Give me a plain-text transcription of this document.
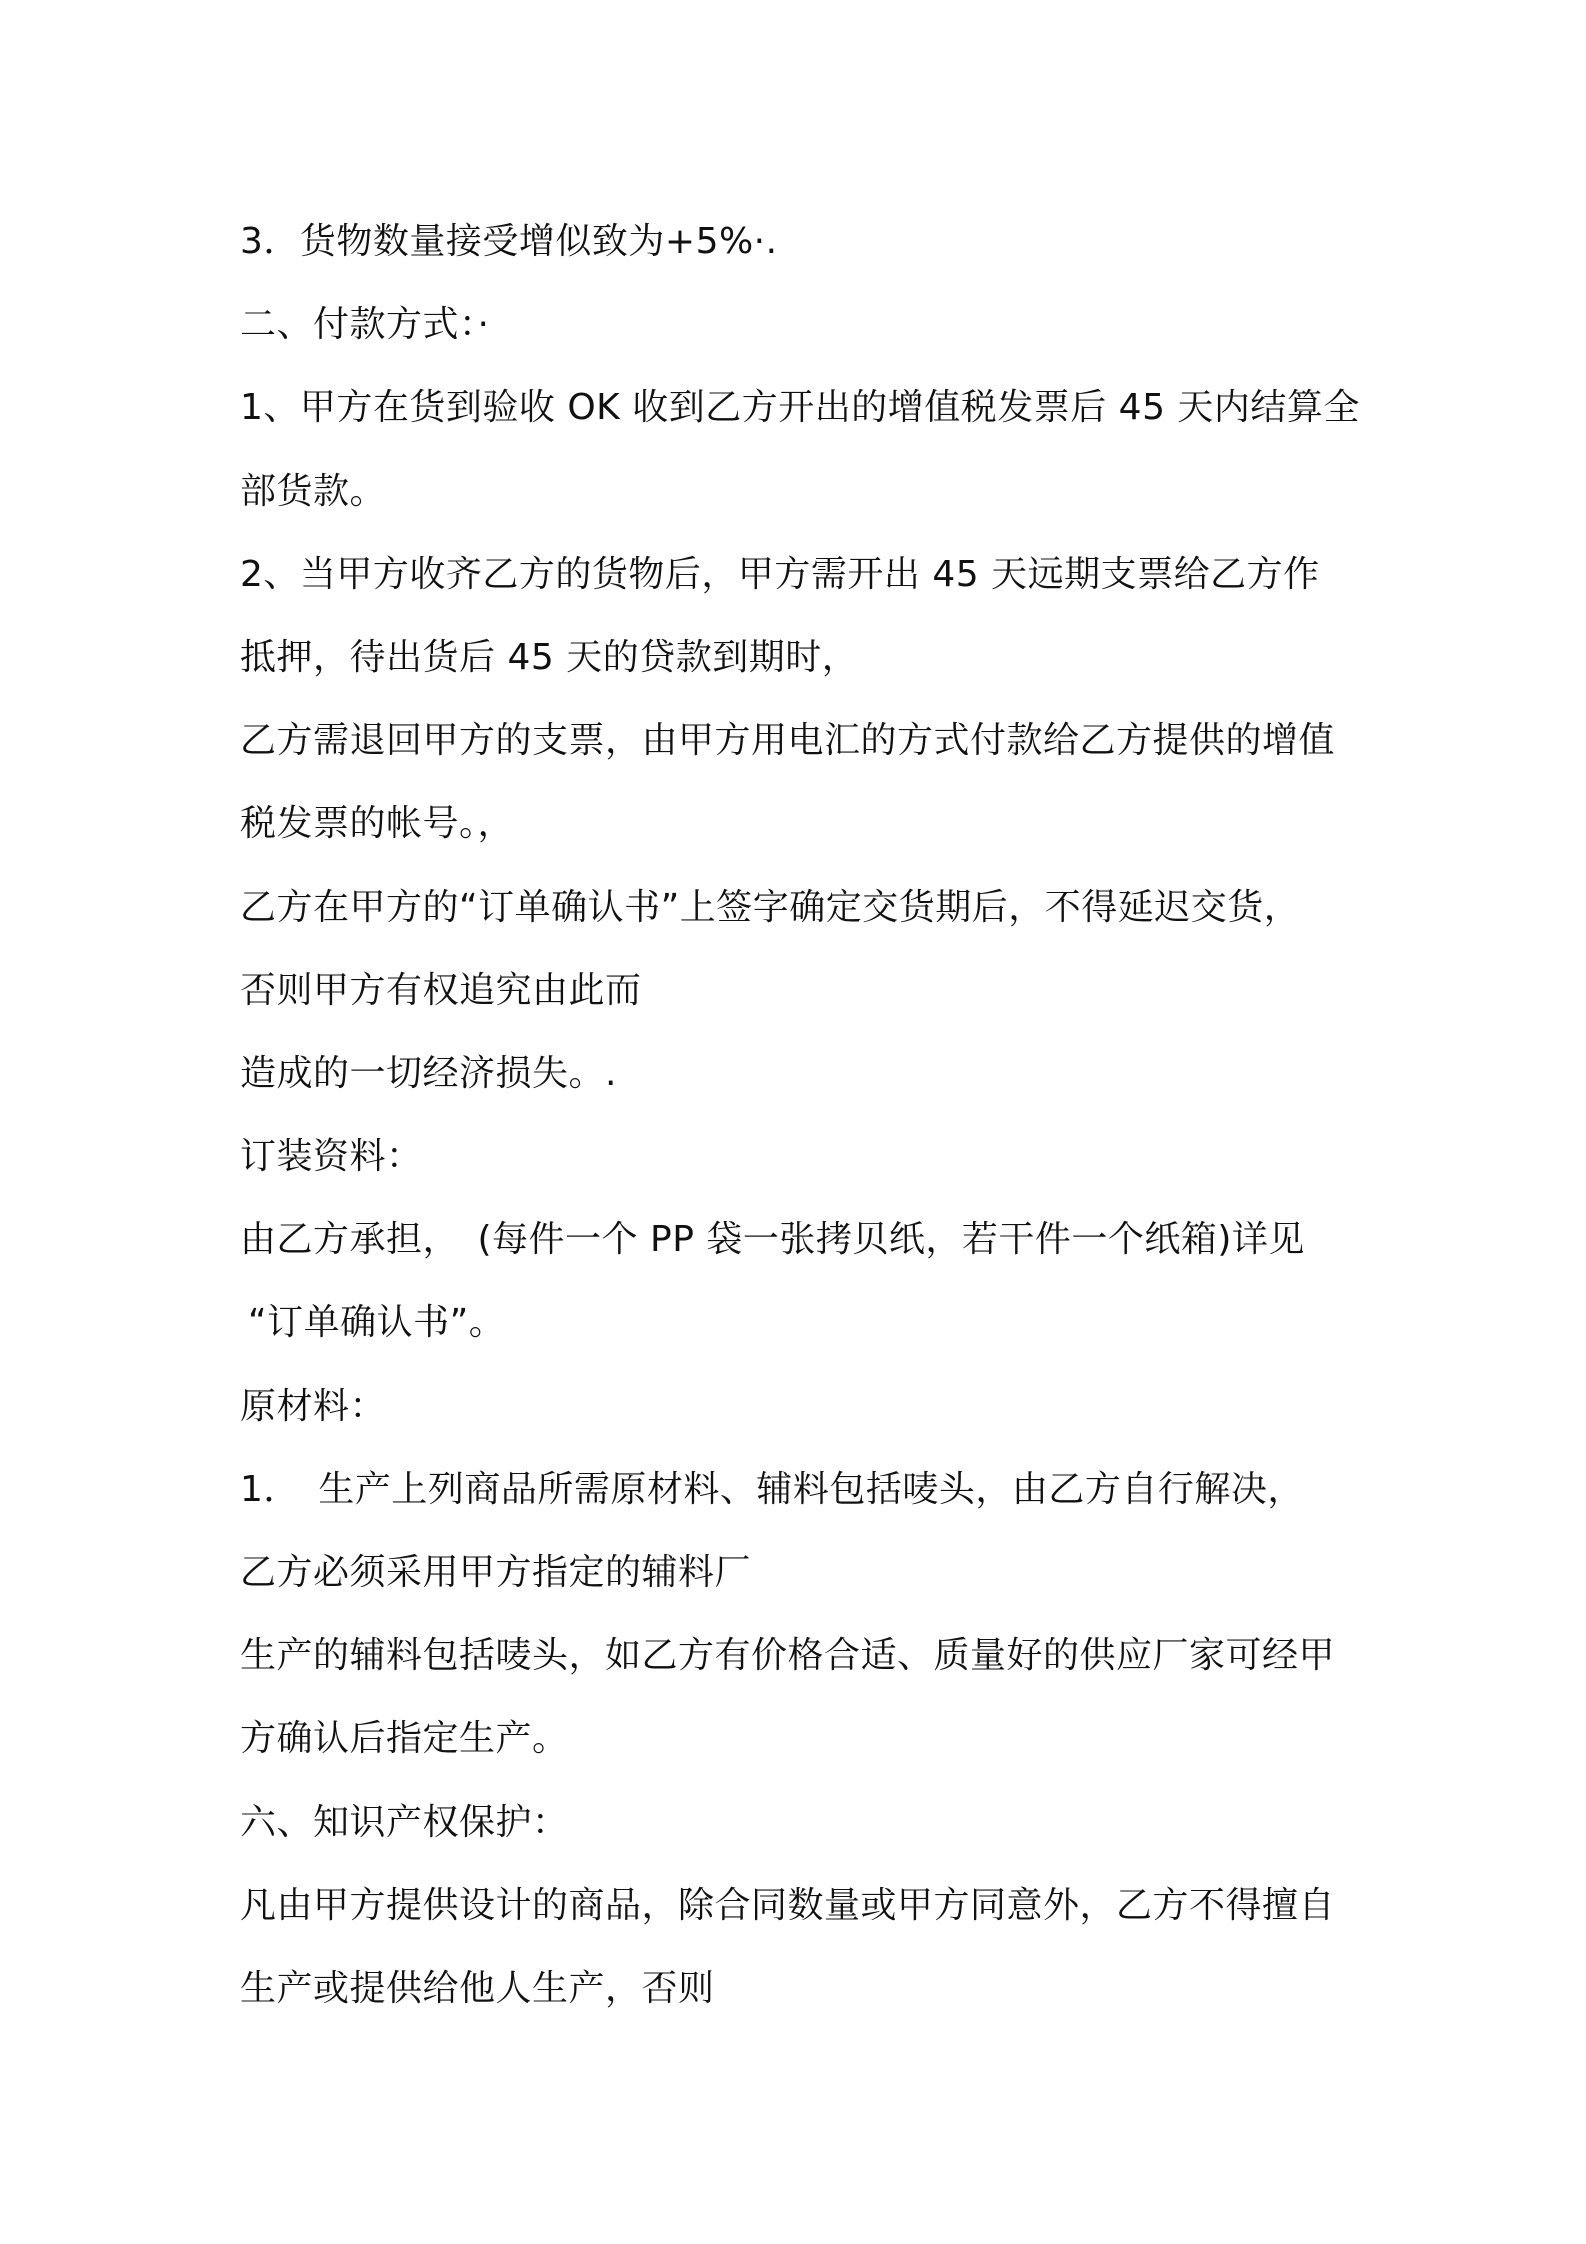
3．货物数量接受增似致为+5%·.
二、付款方式：·
1、甲方在货到验收 OK 收到乙方开出的增值税发票后 45 天内结算全
部货款。
2、当甲方收齐乙方的货物后，甲方需开出 45 天远期支票给乙方作
抵押，待出货后 45 天的贷款到期时，
乙方需退回甲方的支票，由甲方用电汇的方式付款给乙方提供的增值
税发票的帐号。，
乙方在甲方的“订单确认书”上签字确定交货期后，不得延迟交货，
否则甲方有权追究由此而
造成的一切经济损失。.
订装资料：
由乙方承担，　(每件一个 PP 袋一张拷贝纸，若干件一个纸箱)详见
“订单确认书”。
原材料：
1．　生产上列商品所需原材料、辅料包括唛头，由乙方自行解决，
乙方必须采用甲方指定的辅料厂
生产的辅料包括唛头，如乙方有价格合适、质量好的供应厂家可经甲
方确认后指定生产。
六、知识产权保护：
凡由甲方提供设计的商品，除合同数量或甲方同意外，乙方不得擅自
生产或提供给他人生产，否则
